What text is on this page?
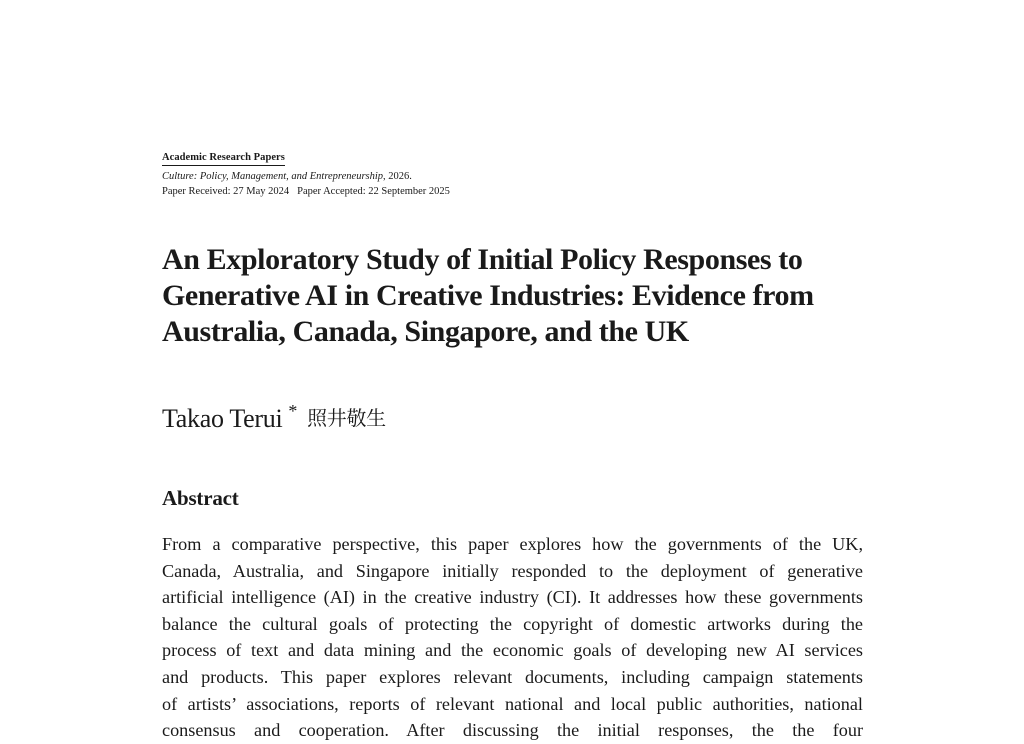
Academic Research Papers
Culture: Policy, Management, and Entrepreneurship, 2026.
Paper Received: 27 May 2024 Paper Accepted: 22 September 2025
An Exploratory Study of Initial Policy Responses to
Generative AI in Creative Industries: Evidence from
Australia, Canada, Singapore, and the UK
Takao Terui * 照井敬生
Abstract

From a comparative perspective, this paper explores how the governments of the UK,
Canada, Australia, and Singapore initially responded to the deployment of generative
artificial intelligence (AI) in the creative industry (CI). It addresses how these governments
balance the cultural goals of protecting the copyright of domestic artworks during the
process of text and data mining and the economic goals of developing new AI services
and products. This paper explores relevant documents, including campaign statements
of artists’ associations, reports of relevant national and local public authorities, national
consensus and cooperation. After discussing the initial responses, the the four
